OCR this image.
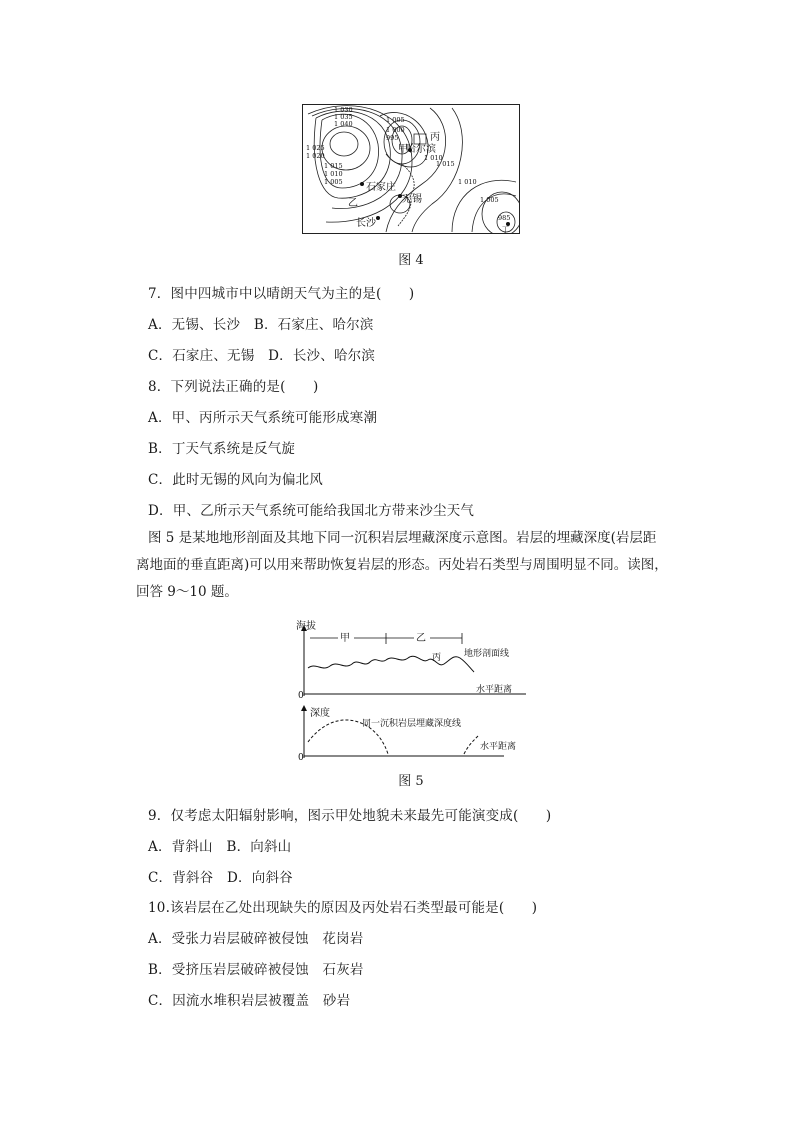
1 030
1 035
1 040
1 025
1 020
1 015
1 010
1 005
1 000
995
1 005
1 010
1 015
1 010
1 005
985
甲
乙
丙
丁
哈尔滨
石家庄
无锡
长沙
图 4
7．图中四城市中以晴朗天气为主的是(　　)
A．无锡、长沙　B．石家庄、哈尔滨
C．石家庄、无锡　D．长沙、哈尔滨
8．下列说法正确的是(　　)
A．甲、丙所示天气系统可能形成寒潮
B．丁天气系统是反气旋
C．此时无锡的风向为偏北风
D．甲、乙所示天气系统可能给我国北方带来沙尘天气
图 5 是某地地形剖面及其地下同一沉积岩层埋藏深度示意图。岩层的埋藏深度(岩层距
离地面的垂直距离)可以用来帮助恢复岩层的形态。丙处岩石类型与周围明显不同。读图，
回答 9～10 题。
海拔
0
甲	乙
丙	地形剖面线
水平距离
深度
0
同一沉积岩层埋藏深度线
水平距离
图 5
9．仅考虑太阳辐射影响，图示甲处地貌未来最先可能演变成(　　)
A．背斜山　B．向斜山
C．背斜谷　D．向斜谷
10.该岩层在乙处出现缺失的原因及丙处岩石类型最可能是(　　)
A．受张力岩层破碎被侵蚀　花岗岩
B．受挤压岩层破碎被侵蚀　石灰岩
C．因流水堆积岩层被覆盖　砂岩
